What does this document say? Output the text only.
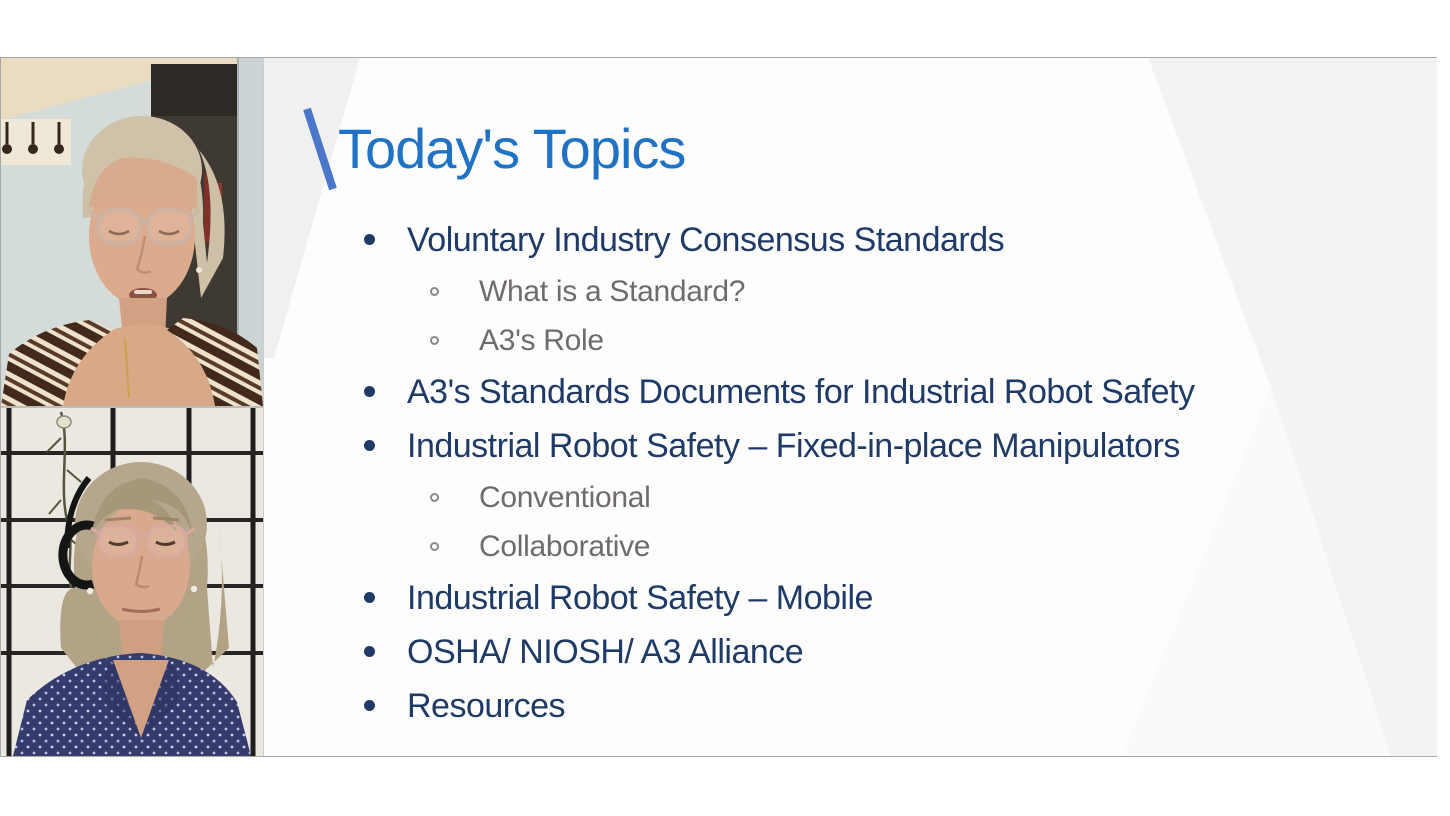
Today's Topics
Voluntary Industry Consensus Standards
What is a Standard?
A3's Role
A3's Standards Documents for Industrial Robot Safety
Industrial Robot Safety – Fixed-in-place Manipulators
Conventional
Collaborative
Industrial Robot Safety – Mobile
OSHA/ NIOSH/ A3 Alliance
Resources
